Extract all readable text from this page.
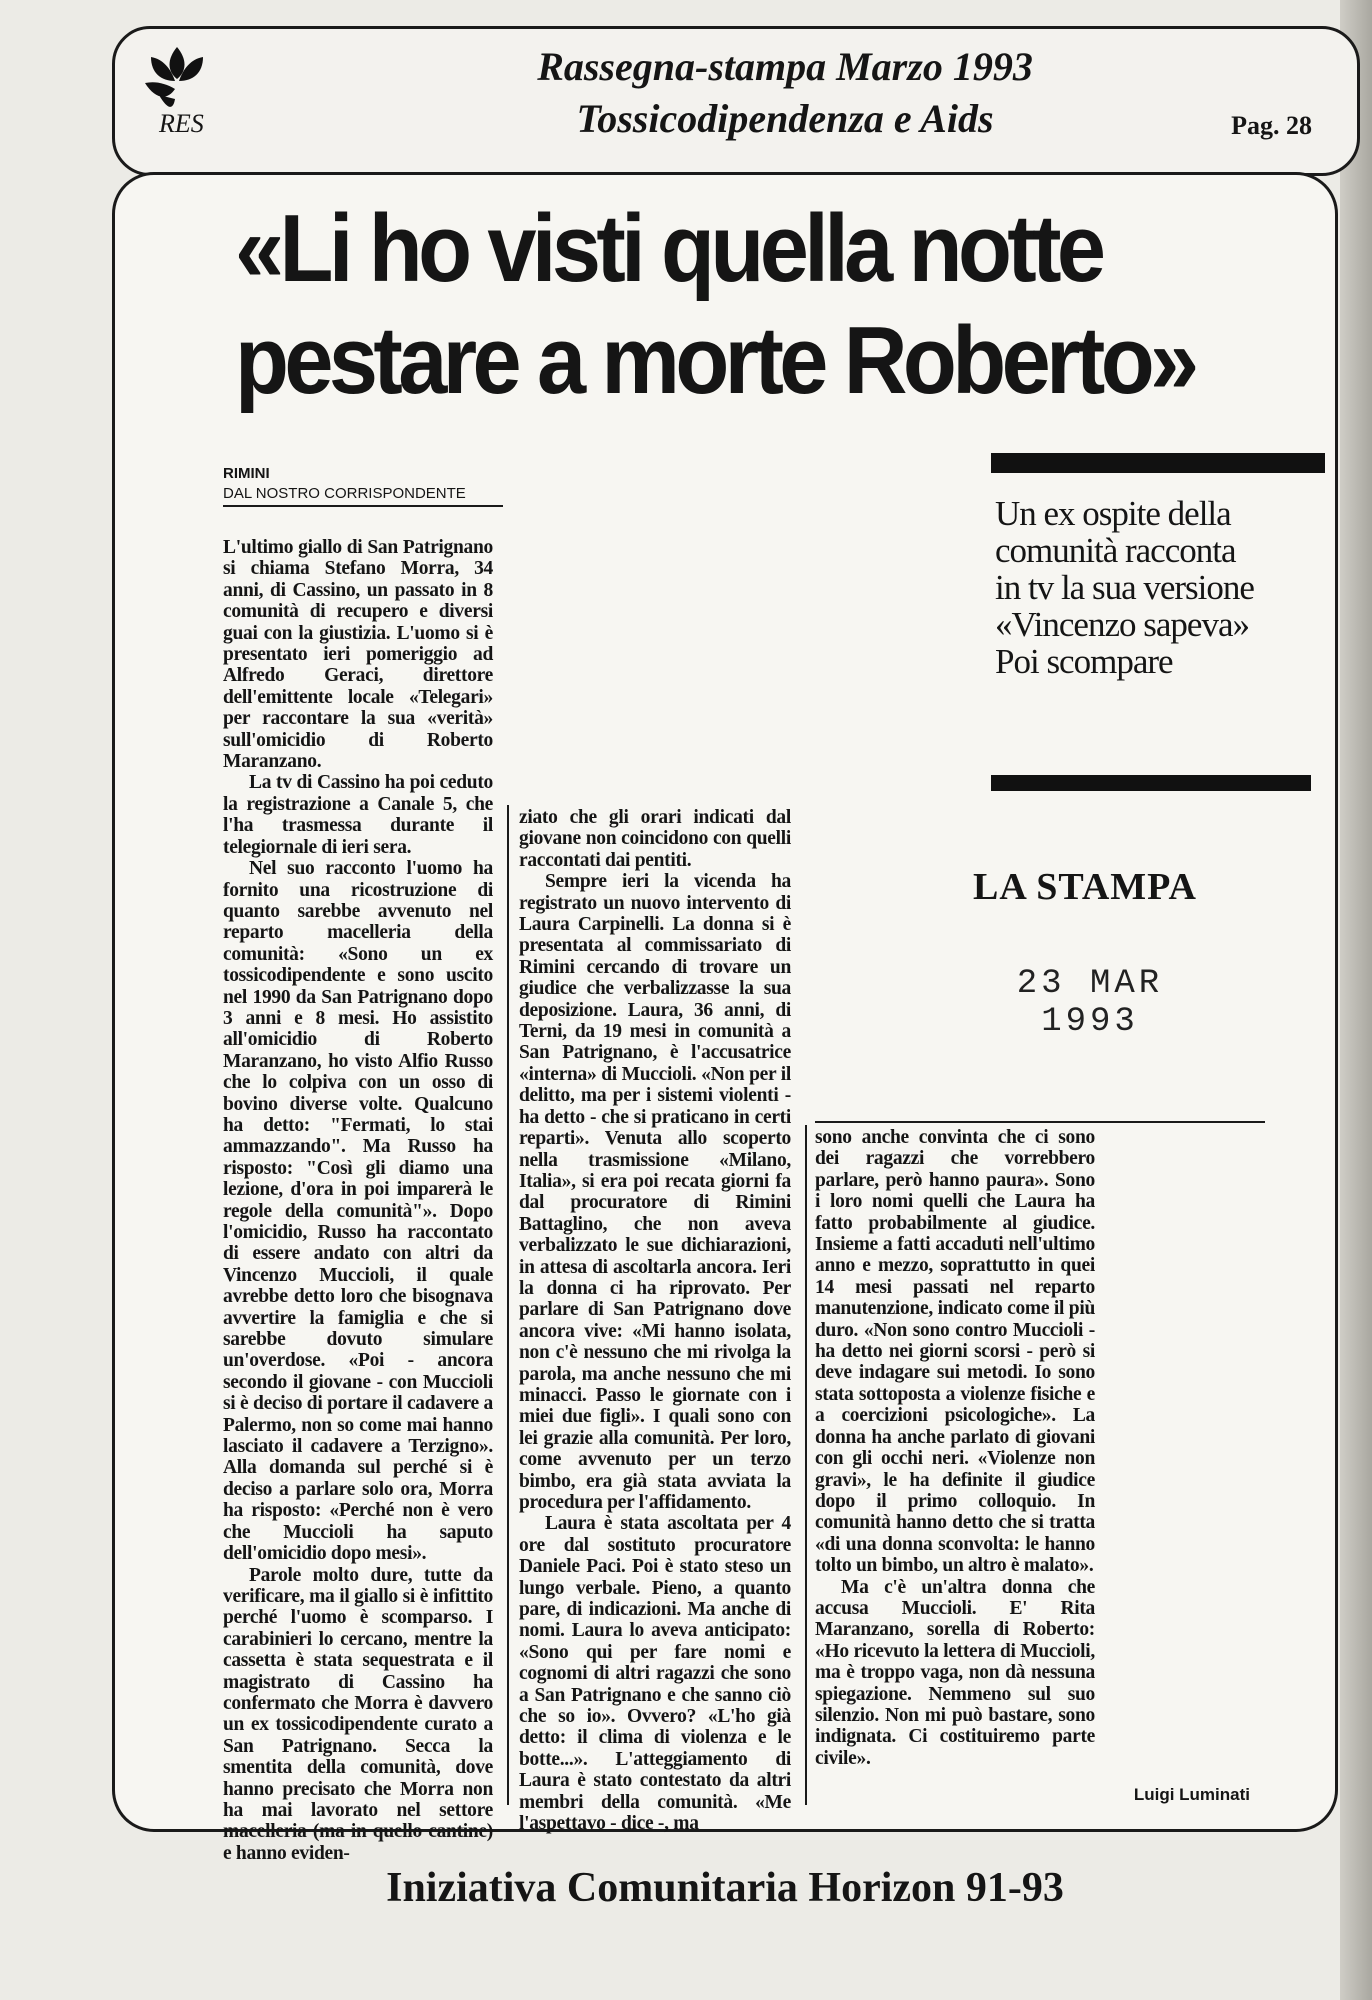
RES
Rassegna-stampa Marzo 1993
Tossicodipendenza e Aids	Pag. 28
«Li ho visti quella notte pestare a morte Roberto»
RIMINI
DAL NOSTRO CORRISPONDENTE

L'ultimo giallo di San Patrignano si chiama Stefano Morra, 34 anni, di Cassino, un passato in 8 comunità di recupero e diversi guai con la giustizia. L'uomo si è presentato ieri pomeriggio ad Alfredo Geraci, direttore dell'emittente locale «Telegari» per raccontare la sua «verità» sull'omicidio di Roberto Maranzano.

La tv di Cassino ha poi ceduto la registrazione a Canale 5, che l'ha trasmessa durante il telegiornale di ieri sera.

Nel suo racconto l'uomo ha fornito una ricostruzione di quanto sarebbe avvenuto nel reparto macelleria della comunità: «Sono un ex tossicodipendente e sono uscito nel 1990 da San Patrignano dopo 3 anni e 8 mesi. Ho assistito all'omicidio di Roberto Maranzano, ho visto Alfio Russo che lo colpiva con un osso di bovino diverse volte. Qualcuno ha detto: "Fermati, lo stai ammazzando". Ma Russo ha risposto: "Così gli diamo una lezione, d'ora in poi imparerà le regole della comunità"». Dopo l'omicidio, Russo ha raccontato di essere andato con altri da Vincenzo Muccioli, il quale avrebbe detto loro che bisognava avvertire la famiglia e che si sarebbe dovuto simulare un'overdose. «Poi - ancora secondo il giovane - con Muccioli si è deciso di portare il cadavere a Palermo, non so come mai hanno lasciato il cadavere a Terzigno». Alla domanda sul perché si è deciso a parlare solo ora, Morra ha risposto: «Perché non è vero che Muccioli ha saputo dell'omicidio dopo mesi».

Parole molto dure, tutte da verificare, ma il giallo si è infittito perché l'uomo è scomparso. I carabinieri lo cercano, mentre la cassetta è stata sequestrata e il magistrato di Cassino ha confermato che Morra è davvero un ex tossicodipendente curato a San Patrignano. Secca la smentita della comunità, dove hanno precisato che Morra non ha mai lavorato nel settore macelleria (ma in quello cantine) e hanno eviden-

ziato che gli orari indicati dal giovane non coincidono con quelli raccontati dai pentiti.

Sempre ieri la vicenda ha registrato un nuovo intervento di Laura Carpinelli. La donna si è presentata al commissariato di Rimini cercando di trovare un giudice che verbalizzasse la sua deposizione. Laura, 36 anni, di Terni, da 19 mesi in comunità a San Patrignano, è l'accusatrice «interna» di Muccioli. «Non per il delitto, ma per i sistemi violenti - ha detto - che si praticano in certi reparti». Venuta allo scoperto nella trasmissione «Milano, Italia», si era poi recata giorni fa dal procuratore di Rimini Battaglino, che non aveva verbalizzato le sue dichiarazioni, in attesa di ascoltarla ancora. Ieri la donna ci ha riprovato. Per parlare di San Patrignano dove ancora vive: «Mi hanno isolata, non c'è nessuno che mi rivolga la parola, ma anche nessuno che mi minacci. Passo le giornate con i miei due figli». I quali sono con lei grazie alla comunità. Per loro, come avvenuto per un terzo bimbo, era già stata avviata la procedura per l'affidamento.

Laura è stata ascoltata per 4 ore dal sostituto procuratore Daniele Paci. Poi è stato steso un lungo verbale. Pieno, a quanto pare, di indicazioni. Ma anche di nomi. Laura lo aveva anticipato: «Sono qui per fare nomi e cognomi di altri ragazzi che sono a San Patrignano e che sanno ciò che so io». Ovvero? «L'ho già detto: il clima di violenza e le botte...». L'atteggiamento di Laura è stato contestato da altri membri della comunità. «Me l'aspettavo - dice -, ma

sono anche convinta che ci sono dei ragazzi che vorrebbero parlare, però hanno paura». Sono i loro nomi quelli che Laura ha fatto probabilmente al giudice. Insieme a fatti accaduti nell'ultimo anno e mezzo, soprattutto in quei 14 mesi passati nel reparto manutenzione, indicato come il più duro. «Non sono contro Muccioli - ha detto nei giorni scorsi - però si deve indagare sui metodi. Io sono stata sottoposta a violenze fisiche e a coercizioni psicologiche». La donna ha anche parlato di giovani con gli occhi neri. «Violenze non gravi», le ha definite il giudice dopo il primo colloquio. In comunità hanno detto che si tratta «di una donna sconvolta: le hanno tolto un bimbo, un altro è malato».

Ma c'è un'altra donna che accusa Muccioli. E' Rita Maranzano, sorella di Roberto: «Ho ricevuto la lettera di Muccioli, ma è troppo vaga, non dà nessuna spiegazione. Nemmeno sul suo silenzio. Non mi può bastare, sono indignata. Ci costituiremo parte civile».

Un ex ospite della comunità racconta in tv la sua versione «Vincenzo sapeva» Poi scompare
LA STAMPA
23 MAR 1993
Luigi Luminati
Iniziativa Comunitaria Horizon 91-93
